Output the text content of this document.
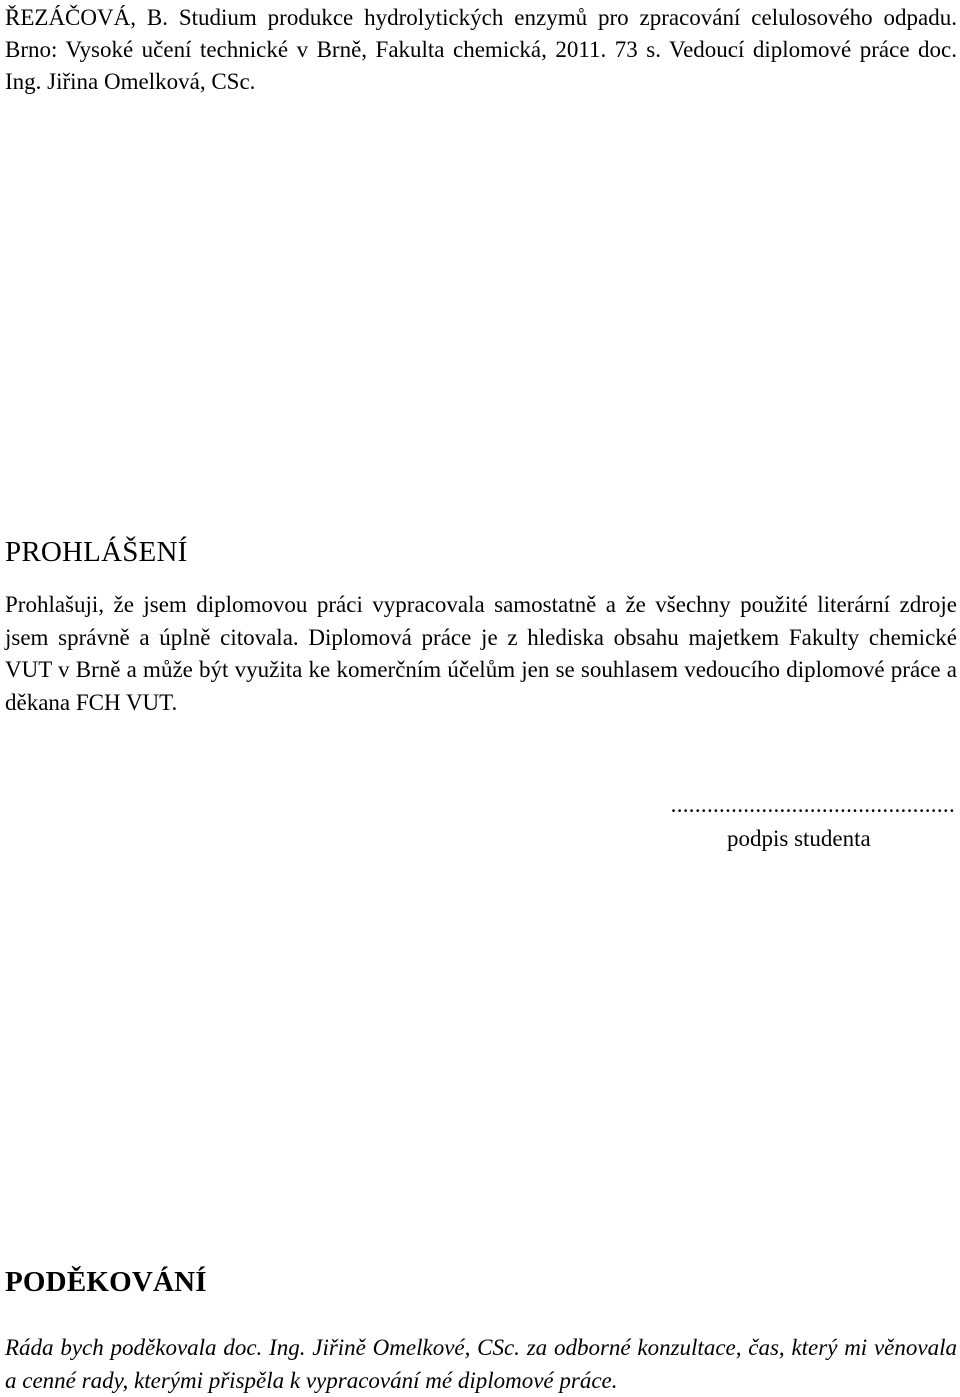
ŘEZÁČOVÁ, B. Studium produkce hydrolytických enzymů pro zpracování celulosového odpadu. Brno: Vysoké učení technické v Brně, Fakulta chemická, 2011. 73 s. Vedoucí diplomové práce doc. Ing. Jiřina Omelková, CSc.

PROHLÁŠENÍ

Prohlašuji, že jsem diplomovou práci vypracovala samostatně a že všechny použité literární zdroje jsem správně a úplně citovala. Diplomová práce je z hlediska obsahu majetkem Fakulty chemické VUT v Brně a může být využita ke komerčním účelům jen se souhlasem vedoucího diplomové práce a děkana FCH VUT.

...............................................

podpis studenta

PODĚKOVÁNÍ

Ráda bych poděkovala doc. Ing. Jiřině Omelkové, CSc. za odborné konzultace, čas, který mi věnovala a cenné rady, kterými přispěla k vypracování mé diplomové práce.
